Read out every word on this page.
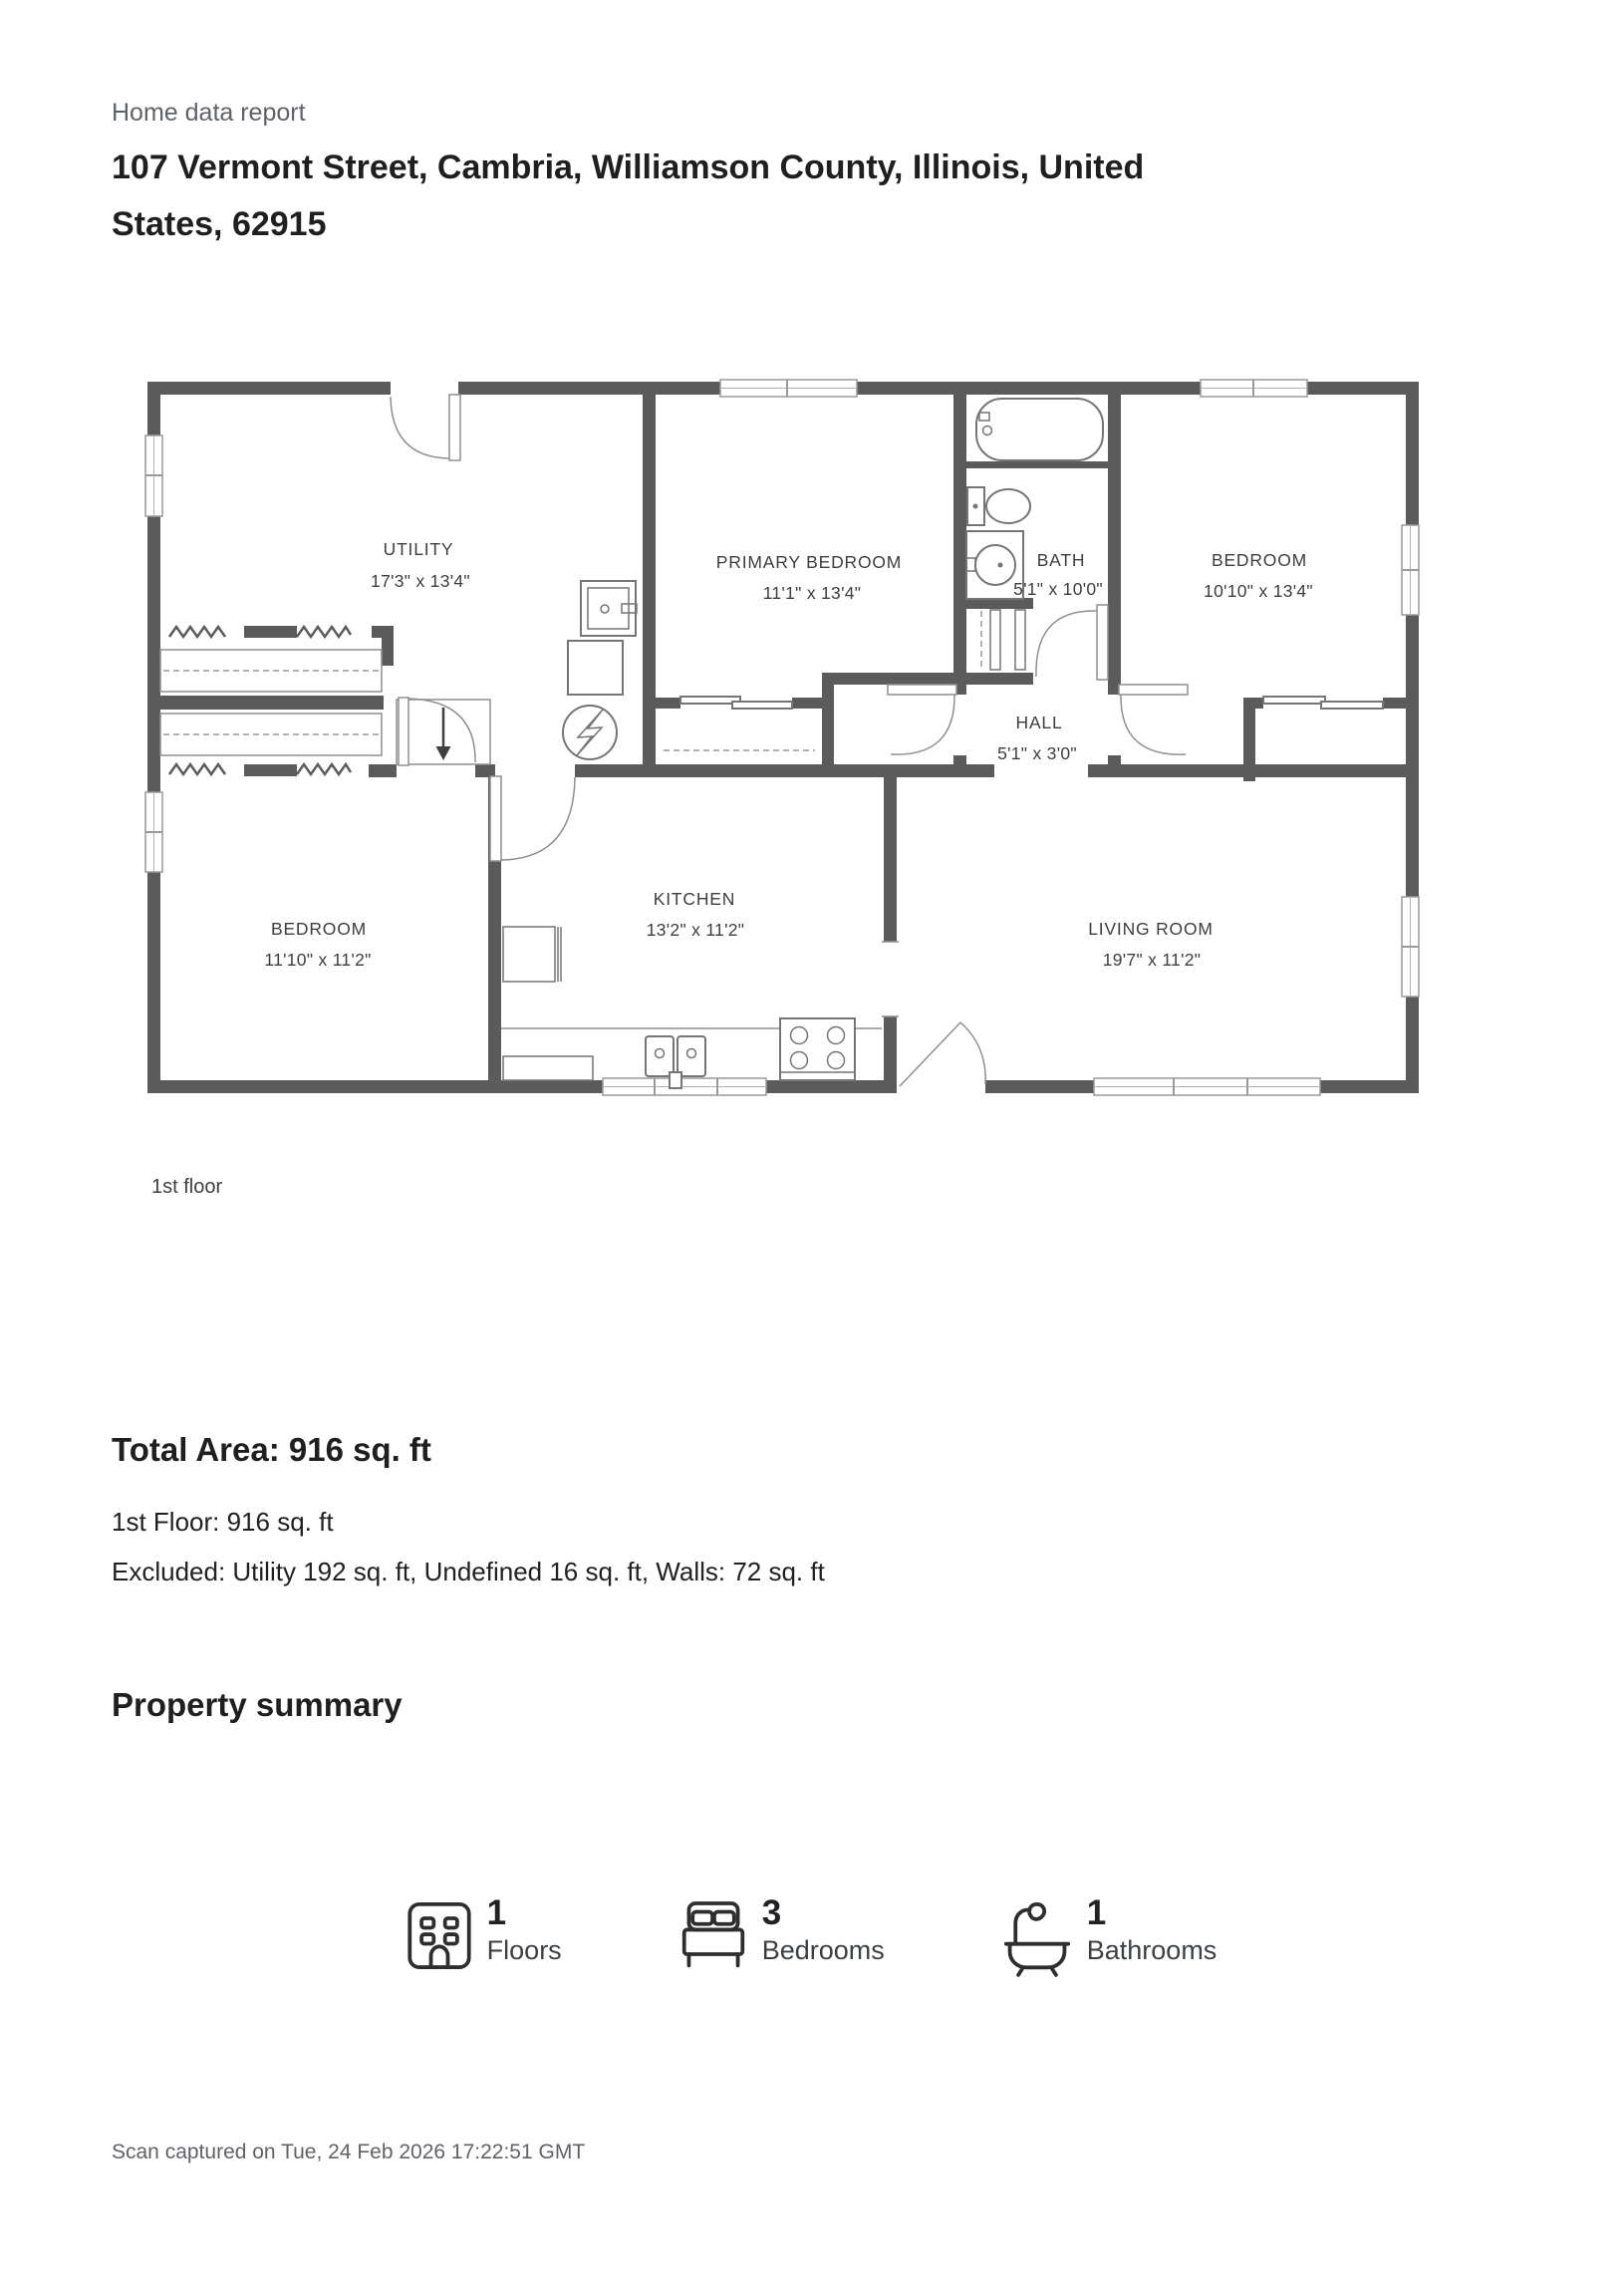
Home data report
107 Vermont Street, Cambria, Williamson County, Illinois, United
States, 62915
UTILITY
17'3" x 13'4"
PRIMARY BEDROOM
11'1" x 13'4"
BATH
5'1" x 10'0"
BEDROOM
10'10" x 13'4"
HALL
5'1" x 3'0"
BEDROOM
11'10" x 11'2"
KITCHEN
13'2" x 11'2"	LIVING ROOM
19'7" x 11'2"
1st floor
Total Area: 916 sq. ft
1st Floor: 916 sq. ft
Excluded: Utility 192 sq. ft, Undefined 16 sq. ft, Walls: 72 sq. ft
Property summary
1
Floors
3
Bedrooms
1
Bathrooms
Scan captured on Tue, 24 Feb 2026 17:22:51 GMT
